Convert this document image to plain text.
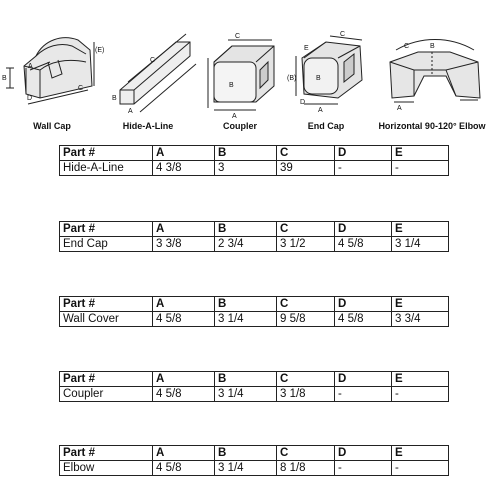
A
B
D
C
(E)
C
B
A
C
B
A
E
C
(B)	B
D
A
C	B
A
Wall Cap	Hide-A-Line	Coupler	End Cap	Horizontal 90-120° Elbow
Part #	A	B	C	D	E
Hide-A-Line	4 3/8	3	39	-	-
Part #	A	B	C	D	E
End Cap	3 3/8	2 3/4	3 1/2	4 5/8	3 1/4
Part #	A	B	C	D	E
Wall Cover	4 5/8	3 1/4	9 5/8	4 5/8	3 3/4
Part #	A	B	C	D	E
Coupler	4 5/8	3 1/4	3 1/8	-	-
Part #	A	B	C	D	E
Elbow	4 5/8	3 1/4	8 1/8	-	-
